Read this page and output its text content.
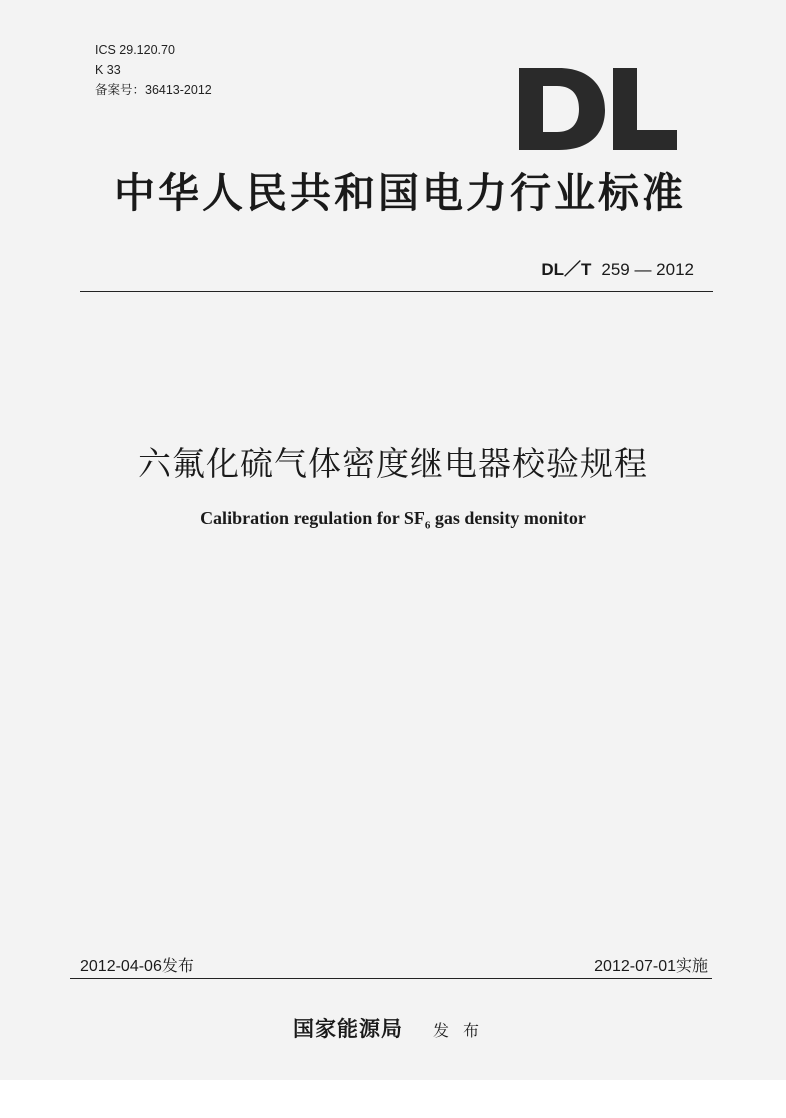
ICS 29.120.70
K 33
备案号：36413-2012
中华人民共和国电力行业标准
DL／T 259 — 2012
六氟化硫气体密度继电器校验规程
Calibration regulation for $SF_6$ gas density monitor
2012-04-06发布	2012-07-01实施
国家能源局 发布
